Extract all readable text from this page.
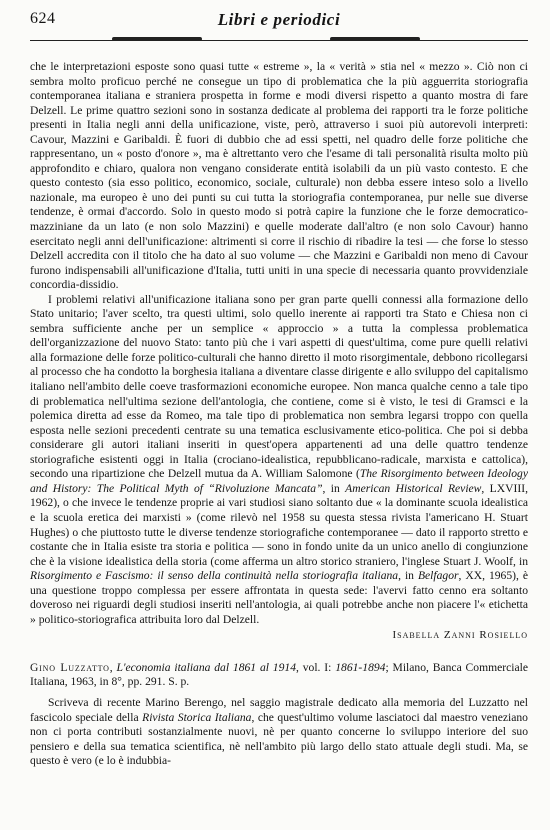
624	Libri e periodici

che le interpretazioni esposte sono quasi tutte « estreme », la « verità » stia nel « mezzo ». Ciò non ci sembra molto proficuo perché ne consegue un tipo di problematica che la più agguerrita storiografia contemporanea italiana e straniera prospetta in forme e modi diversi rispetto a quanto mostra di fare Delzell. Le prime quattro sezioni sono in sostanza dedicate al problema dei rapporti tra le forze politiche presenti in Italia negli anni della unificazione, viste, però, attraverso i suoi più autorevoli interpreti: Cavour, Mazzini e Garibaldi. È fuori di dubbio che ad essi spetti, nel quadro delle forze politiche che rappresentano, un « posto d'onore », ma è altrettanto vero che l'esame di tali personalità risulta molto più approfondito e chiaro, qualora non vengano considerate entità isolabili da un più vasto contesto. E che questo contesto (sia esso politico, economico, sociale, culturale) non debba essere inteso solo a livello nazionale, ma europeo è uno dei punti su cui tutta la storiografia contemporanea, pur nelle sue diverse tendenze, è ormai d'accordo. Solo in questo modo si potrà capire la funzione che le forze democratico-mazziniane da un lato (e non solo Mazzini) e quelle moderate dall'altro (e non solo Cavour) hanno esercitato negli anni dell'unificazione: altrimenti si corre il rischio di ribadire la tesi — che forse lo stesso Delzell accredita con il titolo che ha dato al suo volume — che Mazzini e Garibaldi non meno di Cavour furono indispensabili all'unificazione d'Italia, tutti uniti in una specie di necessaria quanto provvidenziale concordia-dissidio.

I problemi relativi all'unificazione italiana sono per gran parte quelli connessi alla formazione dello Stato unitario; l'aver scelto, tra questi ultimi, solo quello inerente ai rapporti tra Stato e Chiesa non ci sembra sufficiente anche per un semplice « approccio » a tutta la complessa problematica dell'organizzazione del nuovo Stato: tanto più che i vari aspetti di quest'ultima, come pure quelli relativi alla formazione delle forze politico-culturali che hanno diretto il moto risorgimentale, debbono ricollegarsi al processo che ha condotto la borghesia italiana a diventare classe dirigente e allo sviluppo del capitalismo italiano nell'ambito delle coeve trasformazioni economiche europee. Non manca qualche cenno a tale tipo di problematica nell'ultima sezione dell'antologia, che contiene, come si è visto, le tesi di Gramsci e la polemica diretta ad esse da Romeo, ma tale tipo di problematica non sembra legarsi troppo con quella esposta nelle sezioni precedenti centrate su una tematica esclusivamente etico-politica. Che poi si debba considerare gli autori italiani inseriti in quest'opera appartenenti ad una delle quattro tendenze storiografiche esistenti oggi in Italia (crociano-idealistica, repubblicano-radicale, marxista e cattolica), secondo una ripartizione che Delzell mutua da A. William Salomone (The Risorgimento between Ideology and History: The Political Myth of “Rivoluzione Mancata”, in American Historical Review, LXVIII, 1962), o che invece le tendenze proprie ai vari studiosi siano soltanto due « la dominante scuola idealistica e la scuola eretica dei marxisti » (come rilevò nel 1958 su questa stessa rivista l'americano H. Stuart Hughes) o che piuttosto tutte le diverse tendenze storiografiche contemporanee — dato il rapporto stretto e costante che in Italia esiste tra storia e politica — sono in fondo unite da un unico anello di congiunzione che è la visione idealistica della storia (come afferma un altro storico straniero, l'inglese Stuart J. Woolf, in Risorgimento e Fascismo: il senso della continuità nella storiografia italiana, in Belfagor, XX, 1965), è una questione troppo complessa per essere affrontata in questa sede: l'avervi fatto cenno era soltanto doveroso nei riguardi degli studiosi inseriti nell'antologia, ai quali potrebbe anche non piacere l'« etichetta » politico-storiografica attribuita loro dal Delzell.

Isabella Zanni Rosiello

Gino Luzzatto, L'economia italiana dal 1861 al 1914, vol. I: 1861-1894; Milano, Banca Commerciale Italiana, 1963, in 8°, pp. 291. S. p.

Scriveva di recente Marino Berengo, nel saggio magistrale dedicato alla memoria del Luzzatto nel fascicolo speciale della Rivista Storica Italiana, che quest'ultimo volume lasciatoci dal maestro veneziano non ci porta contributi sostanzialmente nuovi, nè per quanto concerne lo sviluppo interiore del suo pensiero e della sua tematica scientifica, nè nell'ambito più largo dello stato attuale degli studi. Ma, se questo è vero (e lo è indubbia-
